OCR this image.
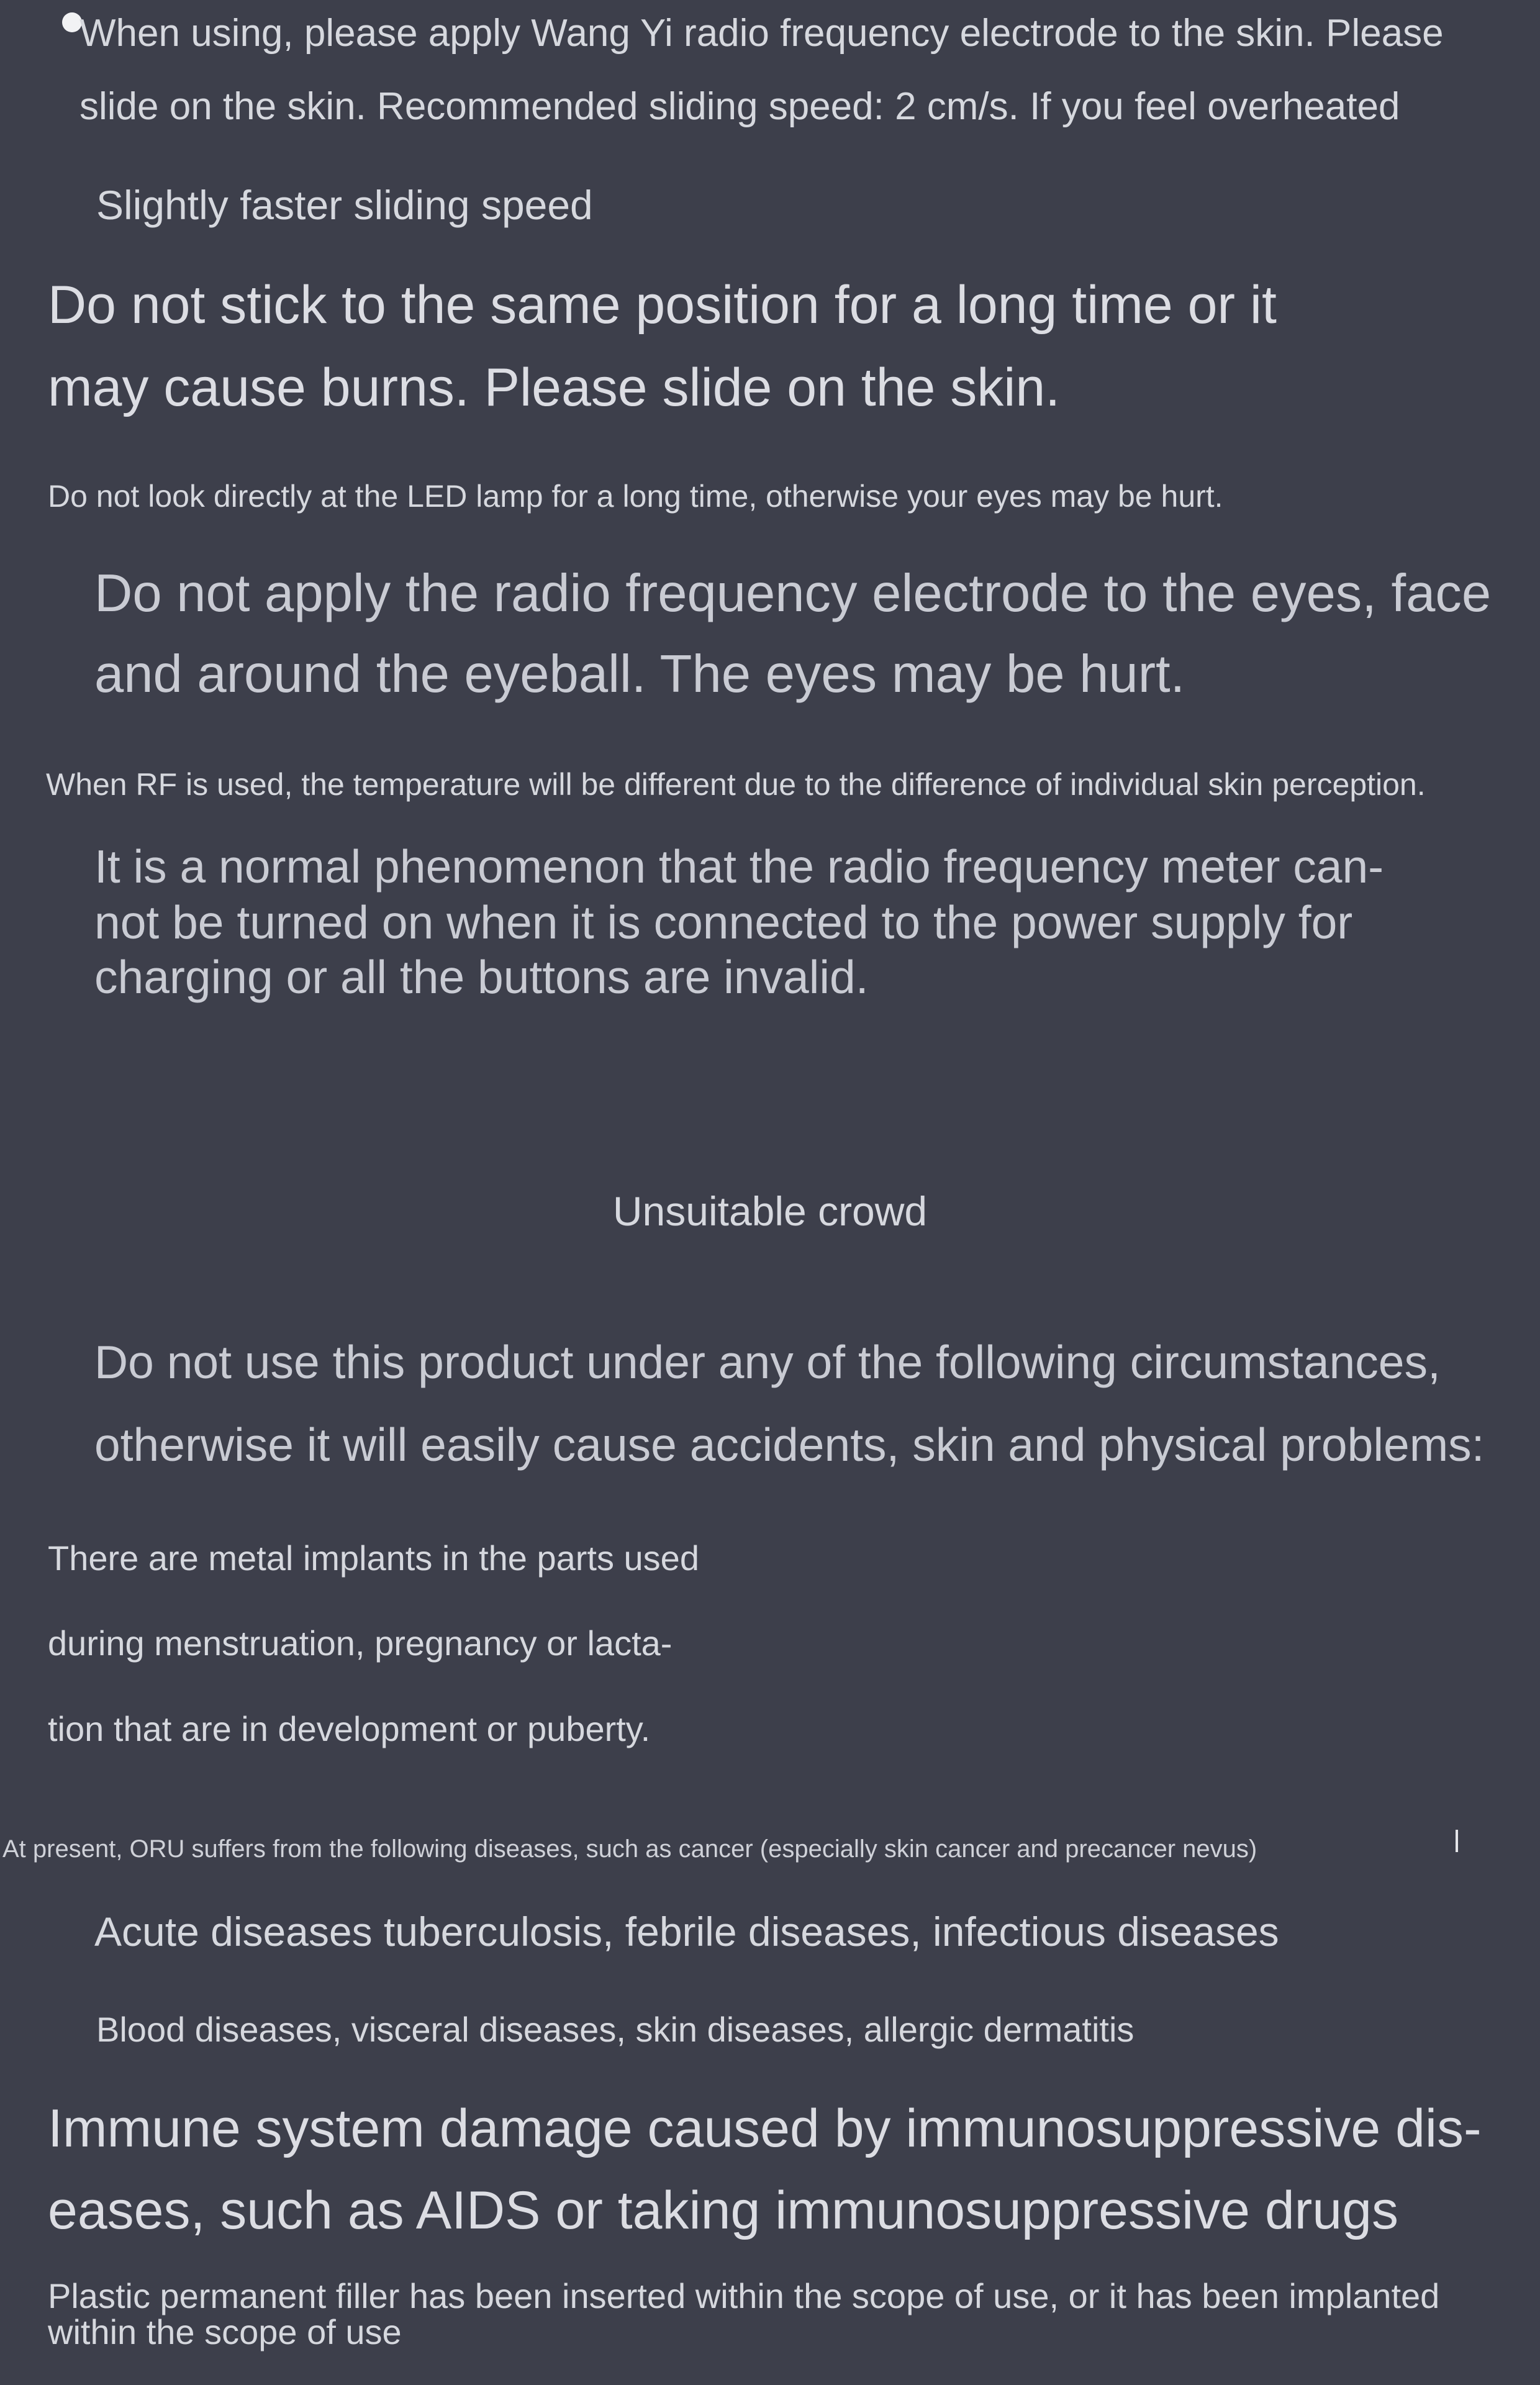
When using, please apply Wang Yi radio frequency electrode to the skin. Please

slide on the skin. Recommended sliding speed: 2 cm/s. If you feel overheated

Slightly faster sliding speed

Do not stick to the same position for a long time or it

may cause burns. Please slide on the skin.

Do not look directly at the LED lamp for a long time, otherwise your eyes may be hurt.

Do not apply the radio frequency electrode to the eyes, face

and around the eyeball. The eyes may be hurt.

When RF is used, the temperature will be different due to the difference of individual skin perception.

It is a normal phenomenon that the radio frequency meter can-

not be turned on when it is connected to the power supply for

charging or all the buttons are invalid.

Unsuitable crowd

Do not use this product under any of the following circumstances,

otherwise it will easily cause accidents, skin and physical problems:

There are metal implants in the parts used

during menstruation, pregnancy or lacta-

tion that are in development or puberty.

At present, ORU suffers from the following diseases, such as cancer (especially skin cancer and precancer nevus)

Acute diseases tuberculosis, febrile diseases, infectious diseases

Blood diseases, visceral diseases, skin diseases, allergic dermatitis

Immune system damage caused by immunosuppressive dis-

eases, such as AIDS or taking immunosuppressive drugs

Plastic permanent filler has been inserted within the scope of use, or it has been implanted

within the scope of use
